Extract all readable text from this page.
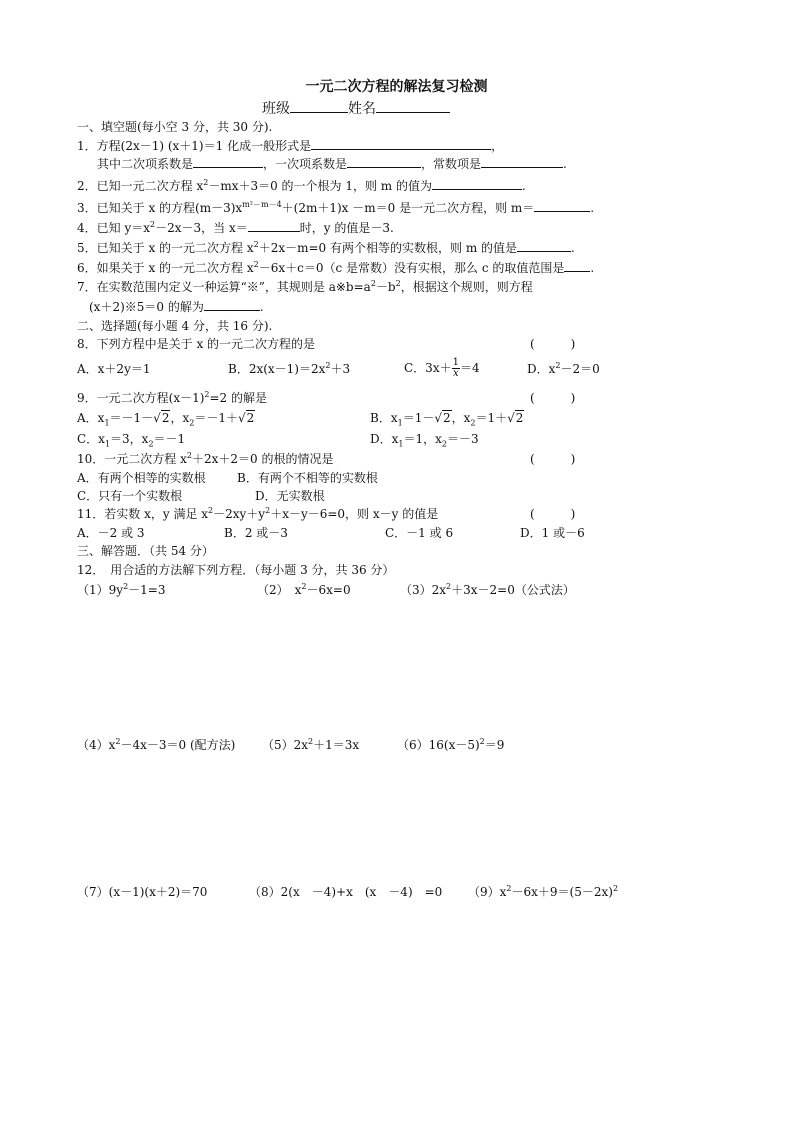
一元二次方程的解法复习检测
班级	姓名
一、填空题(每小空 3 分，共 30 分).
1．方程(2x－1) (x＋1)＝1 化成一般形式是	，
其中二次项系数是	，一次项系数是	，常数项是	.
2．已知一元二次方程 $x^2-mx+3=0$ 的一个根为 1，则 m 的值为	.
3．已知关于 x 的方程$(m-3)x^{m^2-m-4}+(2m+1)x -m=0$ 是一元二次方程，则 m＝	.
4．已知 $y=x^2-2x-3$，当 x＝	时，y 的值是－3.
5．已知关于 x 的一元二次方程 $x^2+2x-m=0$ 有两个相等的实数根，则 m 的值是	.
6．如果关于 x 的一元二次方程 $x^2-6x+c=0(c$ 是常数）没有实根，那么 c 的取值范围是 .
7．在实数范围内定义一种运算“※”，其规则是 $a※b=a^2-b^2$，根据这个规则，则方程
(x＋2)※5＝0 的解为	.
二、选择题(每小题 4 分，共 16 分).
8．下列方程中是关于 x 的一元二次方程的是	(　　　)
A．x＋2y＝1	B．$2x(x-1)=2x^2+3$	C．$3x+ \frac{1}{x} =4$	D．$x^2-2=0$
9．一元二次方程$(x-1)^2=2$ 的解是	(　　　)
A．$x_1=-1-√2$，$x_2=-1+√2$	B．$x_1=1-√2$，$x_2=1+√2$
C．$x_1=3$，$x_2=-1$	D．$x_1=1$，$x_2=-3$
10．一元二次方程 $x^2+2x+2=0$ 的根的情况是	(　　　)
A．有两个相等的实数根	B．有两个不相等的实数根
C．只有一个实数根	D．无实数根
11．若实数 x，y 满足 $x^2-2xy+y^2+x-y-6=0$，则 x－y 的值是	(　　　)
A．－2 或 3	B．2 或－3	C．－1 或 6	D．1 或－6
三、解答题．（共 54 分）
12．　用合适的方法解下列方程．（每小题 3 分，共 36 分）
$(1)9y^2-1=3$	（2）　$x^2-6x=0$	$(3)2x^2+3x-2=0$（公式法）
$(4)x^2-4x-3=0$ (配方法) $(5)2x^2+1=3x$	$(6)16(x-5)^2=9$
（7）(x－1)(x＋2)＝70	（8）2(x　－4)+x　(x　－4)　=0 $(9)x^2-6x+9=(5-2x)^2$
